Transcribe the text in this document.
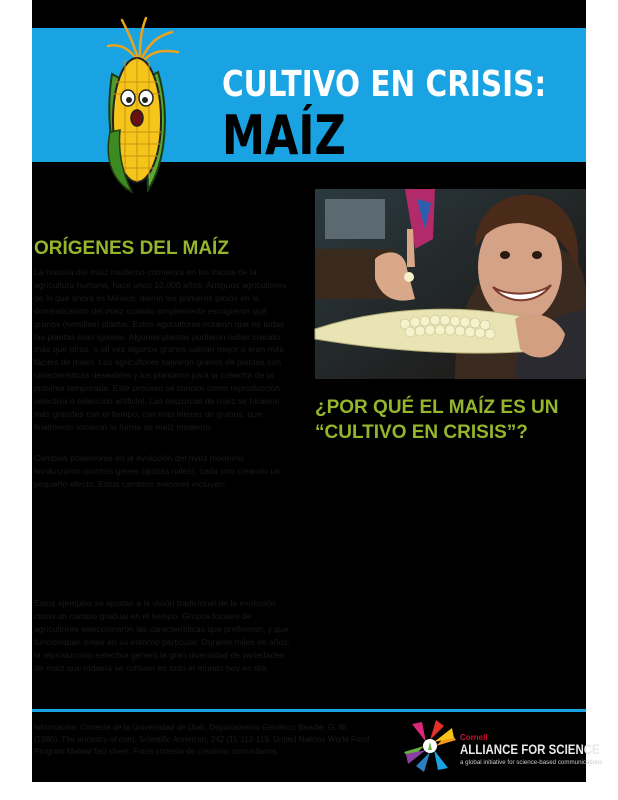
CULTIVO EN CRISIS:
MAÍZ
ORÍGENES DEL MAÍZ

La historia del maíz moderno comienza en los inicios de la agricultura humana, hace unos 10.000 años. Antiguos agricultores de lo que ahora es México, dieron los primeros pasos en la domesticación del maíz cuando simplemente escogieron qué granos (semillas) plantar. Estos agricultores notaron que no todas las plantas eran iguales. Algunas plantas pudieron haber crecido más que otras, o tal vez algunos granos sabían mejor o eran más fáciles de moler. Los agricultores salvaron granos de plantas con características deseables y los plantaron para la cosecha de la próxima temporada. Este proceso se conoce como reproducción selectiva o selección artificial. Las mazorcas de maíz se hicieron más grandes con el tiempo, con más hileras de granos, que finalmente tomaron la forma de maíz moderno.

Cambios posteriores en la evolución del maíz moderno involucraron muchos genes (quizás miles), cada uno creando un pequeño efecto. Estos cambios menores incluyen:

Estos ejemplos se ajustan a la visión tradicional de la evolución como un cambio gradual en el tiempo. Grupos locales de agricultores seleccionaron las características que prefirieron, y que funcionaban mejor en su entorno particular. Durante miles de años, la reproducción selectiva generó la gran diversidad de variedades de maíz que todavía se cultivan en todo el mundo hoy en día.

¿POR QUÉ EL MAÍZ ES UN “CULTIVO EN CRISIS”?
Información: Cortesía de la Universidad de Utah, Departamento Genético; Beadle, G. W. (1980). The ancestry of corn. Scientific American, 242 (1), 112-119; United Nations World Food Program Malawi fact sheet. Fotos cortesía de creativos comunitarios.
Cornell
ALLIANCE FOR SCIENCE
a global initiative for science-based communications
